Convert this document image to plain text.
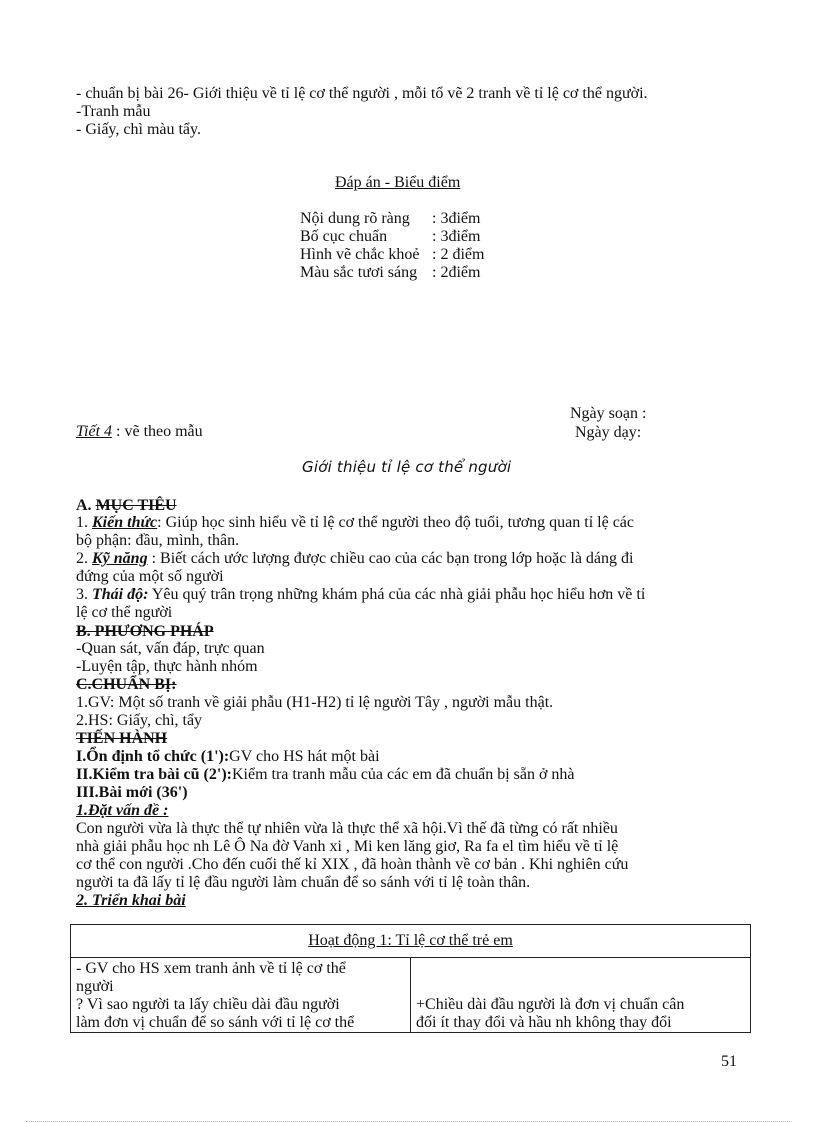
- chuẩn bị bài 26- Giới thiệu về tỉ lệ cơ thể người , mỗi tổ vẽ 2 tranh về tỉ lệ cơ thể người.
-Tranh mẫu
- Giấy, chì màu tẩy.
Đáp án - Biểu điểm
Nội dung rõ ràng : 3điểm
Bố cục chuẩn	: 3điểm
Hình vẽ chắc khoẻ : 2 điểm
Màu sắc tươi sáng : 2điểm
Ngày soạn :
Tiết 4 : vẽ theo mẫu	Ngày dạy:
Giới thiệu tỉ lệ cơ thể người
A. MỤC TIÊU
1. Kiến thức: Giúp học sinh hiểu về tỉ lệ cơ thể người theo độ tuổi, tương quan tỉ lệ các
bộ phận: đầu, mình, thân.
2. Kỹ năng : Biết cách ước lượng được chiều cao của các bạn trong lớp hoặc là dáng đi
đứng của một số người
3. Thái độ: Yêu quý trân trọng những khám phá của các nhà giải phẫu học hiểu hơn về tỉ
lệ cơ thể người
B. PHƯƠNG PHÁP
-Quan sát, vấn đáp, trực quan
-Luyện tập, thực hành nhóm
C.CHUẨN BỊ:
1.GV: Một số tranh về giải phẫu (H1-H2) tỉ lệ người Tây , người mẫu thật.
2.HS: Giấy, chì, tẩy
TIẾN HÀNH
I.Ổn định tổ chức (1'):GV cho HS hát một bài
II.Kiểm tra bài cũ (2'):Kiểm tra tranh mẫu của các em đã chuẩn bị sẵn ở nhà
III.Bài mới (36')
1.Đặt vấn đề :
Con người vừa là thực thể tự nhiên vừa là thực thể xã hội.Vì thế đã từng có rất nhiều
nhà giải phẫu học nh Lê Ô Na đờ Vanh xi , Mi ken lăng giơ, Ra fa el tìm hiểu về tỉ lệ
cơ thể con người .Cho đến cuối thế kỉ XIX , đã hoàn thành về cơ bản . Khi nghiên cứu
người ta đã lấy tỉ lệ đầu người làm chuẩn để so sánh với tỉ lệ toàn thân.
2. Triển khai bài
Hoạt động 1: Tỉ lệ cơ thể trẻ em

- GV cho HS xem tranh ảnh về tỉ lệ cơ thể
người
? Vì sao người ta lấy chiều dài đầu người
làm đơn vị chuẩn để so sánh với tỉ lệ cơ thể

+Chiều dài đầu người là đơn vị chuẩn cân
đối ít thay đổi và hầu nh không thay đổi
51
